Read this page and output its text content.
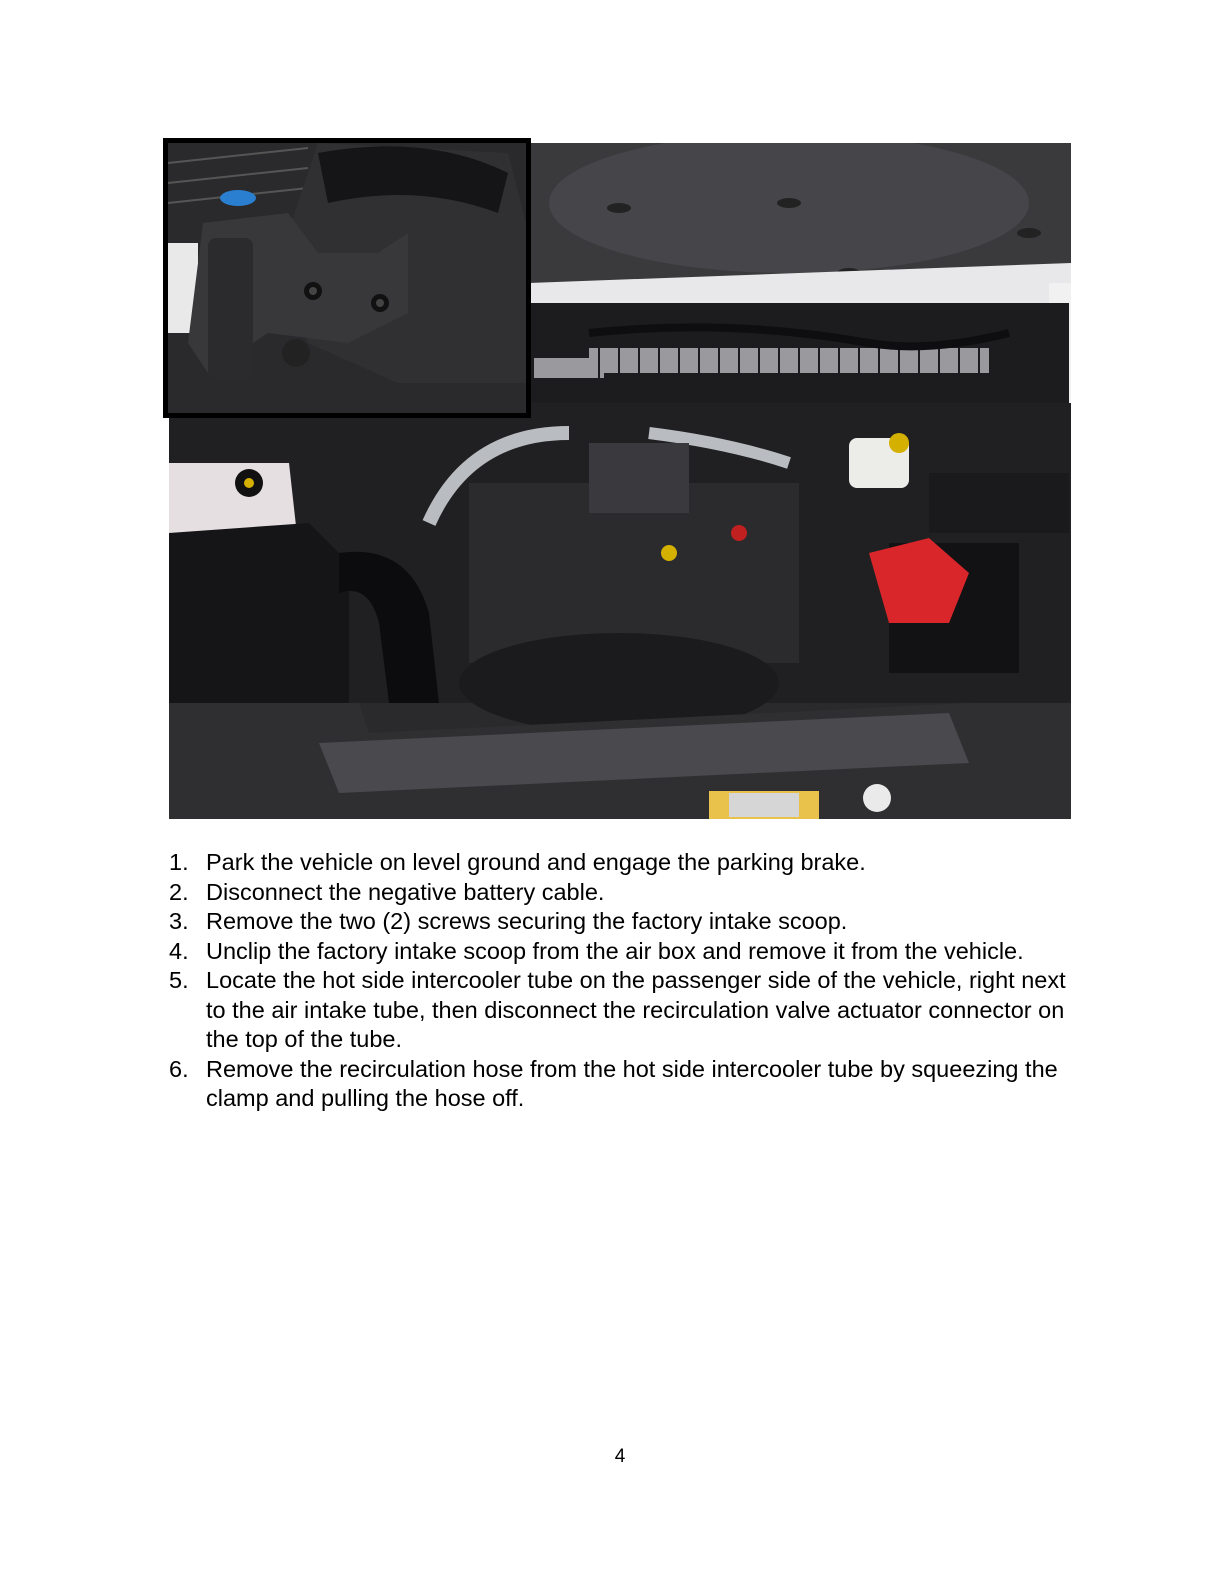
1. Park the vehicle on level ground and engage the parking brake.
2. Disconnect the negative battery cable.
3. Remove the two (2) screws securing the factory intake scoop.
4. Unclip the factory intake scoop from the air box and remove it from the vehicle.
5. Locate the hot side intercooler tube on the passenger side of the vehicle, right next to the air intake tube, then disconnect the recirculation valve actuator connector on the top of the tube.
6. Remove the recirculation hose from the hot side intercooler tube by squeezing the clamp and pulling the hose off.
4
